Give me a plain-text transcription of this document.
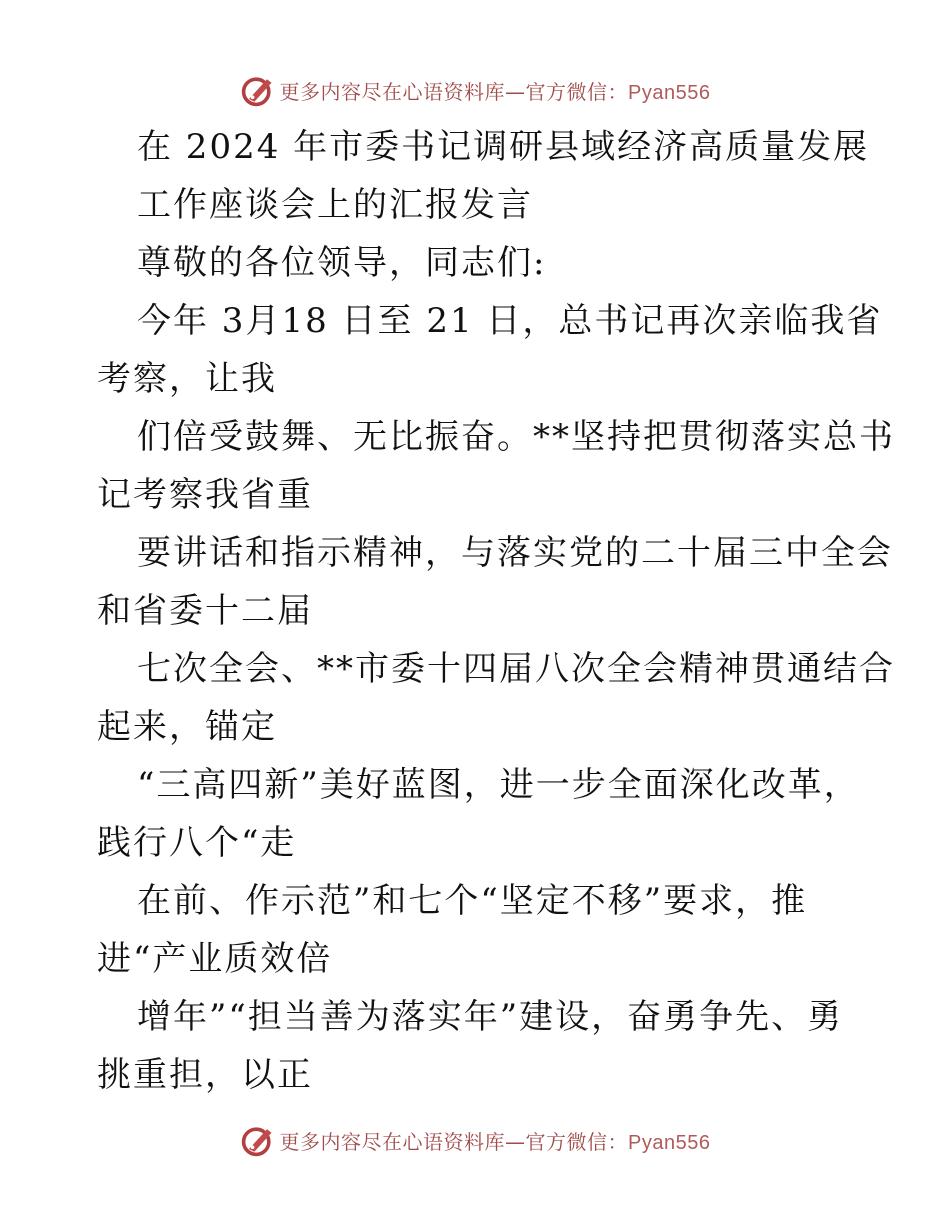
更多内容尽在心语资料库—官方微信：Pyan556
在 2024 年市委书记调研县域经济高质量发展
工作座谈会上的汇报发言
尊敬的各位领导，同志们:
今年 3月18 日至 21 日，总书记再次亲临我省
考察，让我
们倍受鼓舞、无比振奋。**坚持把贯彻落实总书
记考察我省重
要讲话和指示精神，与落实党的二十届三中全会
和省委十二届
七次全会、**市委十四届八次全会精神贯通结合
起来，锚定
“三高四新”美好蓝图，进一步全面深化改革，
践行八个“走
在前、作示范”和七个“坚定不移”要求，推
进“产业质效倍
增年”“担当善为落实年”建设，奋勇争先、勇
挑重担，以正
更多内容尽在心语资料库—官方微信：Pyan556
